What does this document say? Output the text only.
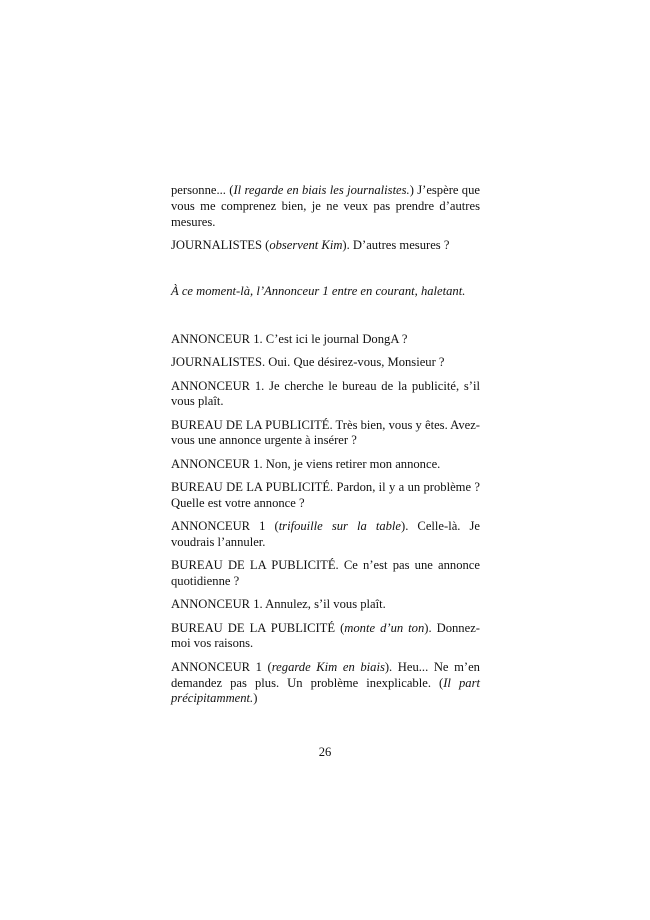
personne... (Il regarde en biais les journalistes.) J’espère que vous me comprenez bien, je ne veux pas prendre d’autres mesures.

JOURNALISTES (observent Kim). D’autres mesures ?

À ce moment-là, l’Annonceur 1 entre en courant, haletant.

ANNONCEUR 1. C’est ici le journal DongA ?

JOURNALISTES. Oui. Que désirez-vous, Monsieur ?

ANNONCEUR 1. Je cherche le bureau de la publicité, s’il vous plaît.

BUREAU DE LA PUBLICITÉ. Très bien, vous y êtes. Avez-vous une annonce urgente à insérer ?

ANNONCEUR 1. Non, je viens retirer mon annonce.

BUREAU DE LA PUBLICITÉ. Pardon, il y a un problème ? Quelle est votre annonce ?

ANNONCEUR 1 (trifouille sur la table). Celle-là. Je voudrais l’annuler.

BUREAU DE LA PUBLICITÉ. Ce n’est pas une annonce quotidienne ?

ANNONCEUR 1. Annulez, s’il vous plaît.

BUREAU DE LA PUBLICITÉ (monte d’un ton). Donnez-moi vos raisons.

ANNONCEUR 1 (regarde Kim en biais). Heu... Ne m’en demandez pas plus. Un problème inexplicable. (Il part précipitamment.)

26
